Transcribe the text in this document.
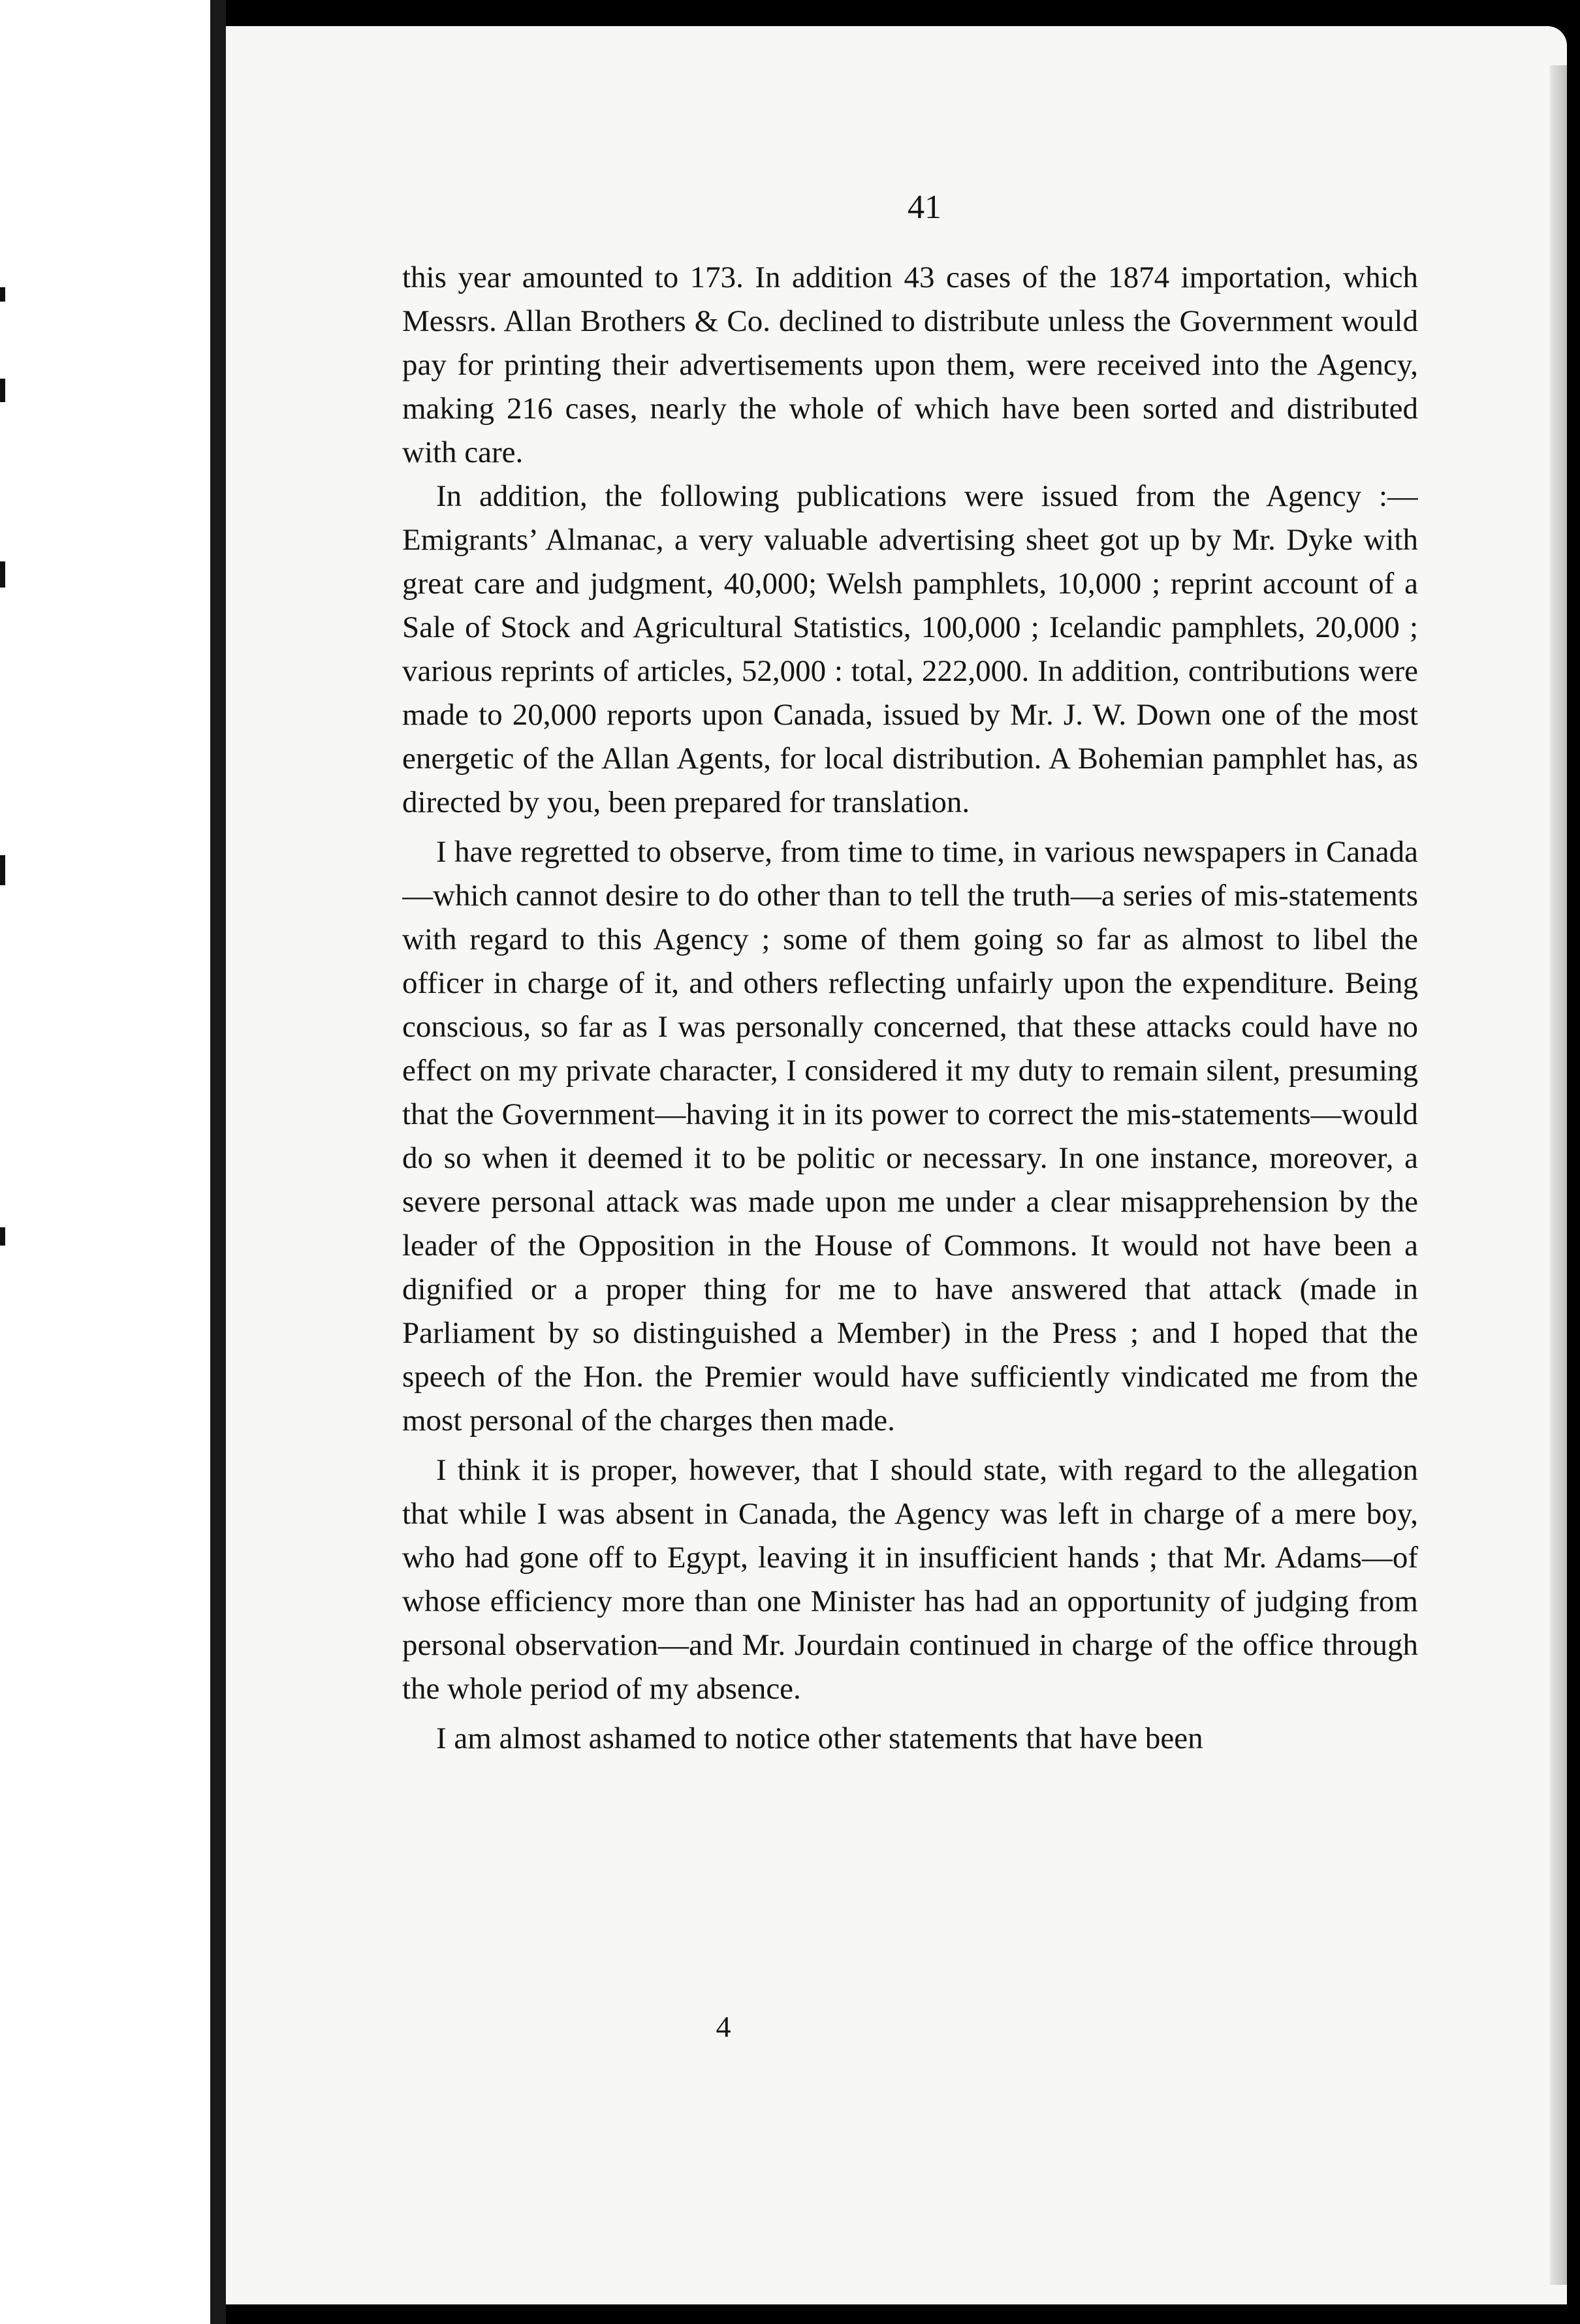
41

this year amounted to 173. In addition 43 cases of the 1874 importation, which Messrs. Allan Brothers & Co. declined to distribute unless the Government would pay for printing their advertisements upon them, were received into the Agency, making 216 cases, nearly the whole of which have been sorted and distributed with care.

In addition, the following publications were issued from the Agency :—Emigrants’ Almanac, a very valuable advertising sheet got up by Mr. Dyke with great care and judgment, 40,000; Welsh pamphlets, 10,000 ; reprint account of a Sale of Stock and Agricultural Statistics, 100,000 ; Icelandic pamphlets, 20,000 ; various reprints of articles, 52,000 : total, 222,000. In addition, contributions were made to 20,000 reports upon Canada, issued by Mr. J. W. Down one of the most energetic of the Allan Agents, for local distribution. A Bohemian pamphlet has, as directed by you, been prepared for translation.

I have regretted to observe, from time to time, in various newspapers in Canada—which cannot desire to do other than to tell the truth—a series of mis-statements with regard to this Agency ; some of them going so far as almost to libel the officer in charge of it, and others reflecting unfairly upon the expenditure. Being conscious, so far as I was personally concerned, that these attacks could have no effect on my private character, I considered it my duty to remain silent, presuming that the Government—having it in its power to correct the mis-statements—would do so when it deemed it to be politic or necessary. In one instance, moreover, a severe personal attack was made upon me under a clear misapprehension by the leader of the Opposition in the House of Commons. It would not have been a dignified or a proper thing for me to have answered that attack (made in Parliament by so distinguished a Member) in the Press ; and I hoped that the speech of the Hon. the Premier would have sufficiently vindicated me from the most personal of the charges then made.

I think it is proper, however, that I should state, with regard to the allegation that while I was absent in Canada, the Agency was left in charge of a mere boy, who had gone off to Egypt, leaving it in insufficient hands ; that Mr. Adams—of whose efficiency more than one Minister has had an opportunity of judging from personal observation—and Mr. Jourdain continued in charge of the office through the whole period of my absence.

I am almost ashamed to notice other statements that have been

4
